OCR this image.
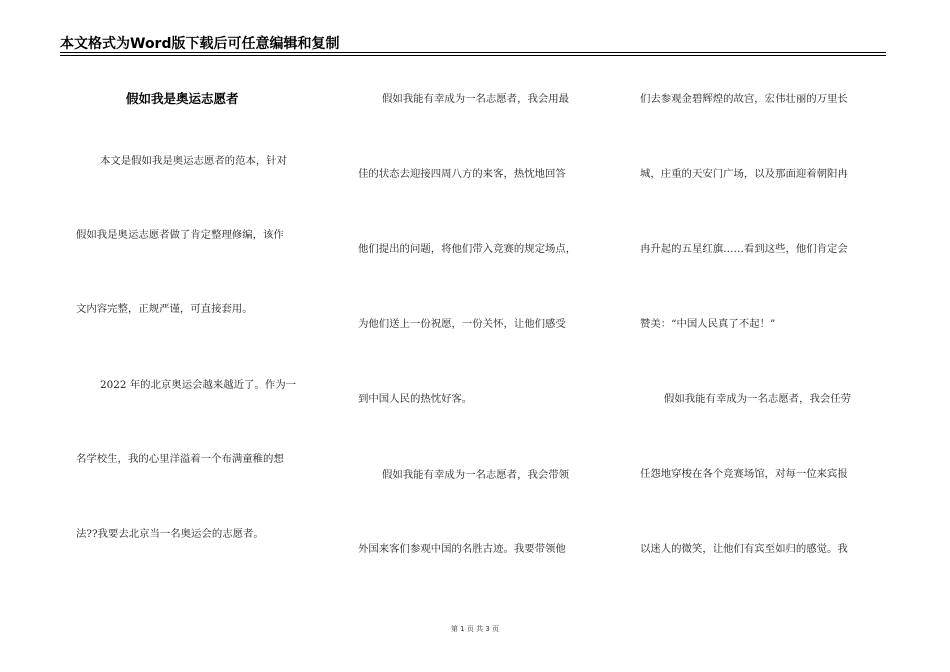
本文格式为Word版下载后可任意编辑和复制
假如我是奥运志愿者
本文是假如我是奥运志愿者的范本，针对
假如我是奥运志愿者做了肯定整理修编，该作
文内容完整，正规严谨，可直接套用。
2022 年的北京奥运会越来越近了。作为一
名学校生，我的心里洋溢着一个布满童稚的想
法??我要去北京当一名奥运会的志愿者。
假如我能有幸成为一名志愿者，我会用最
佳的状态去迎接四周八方的来客，热忱地回答
他们提出的问题，将他们带入竞赛的规定场点，
为他们送上一份祝愿，一份关怀，让他们感受
到中国人民的热忱好客。
假如我能有幸成为一名志愿者，我会带领
外国来客们参观中国的名胜古迹。我要带领他
们去参观金碧辉煌的故宫，宏伟壮丽的万里长
城，庄重的天安门广场，以及那面迎着朝阳冉
冉升起的五星红旗……看到这些，他们肯定会
赞美：“中国人民真了不起！”
假如我能有幸成为一名志愿者，我会任劳
任怨地穿梭在各个竞赛场馆，对每一位来宾报
以迷人的微笑，让他们有宾至如归的感觉。我
第 1 页 共 3 页
